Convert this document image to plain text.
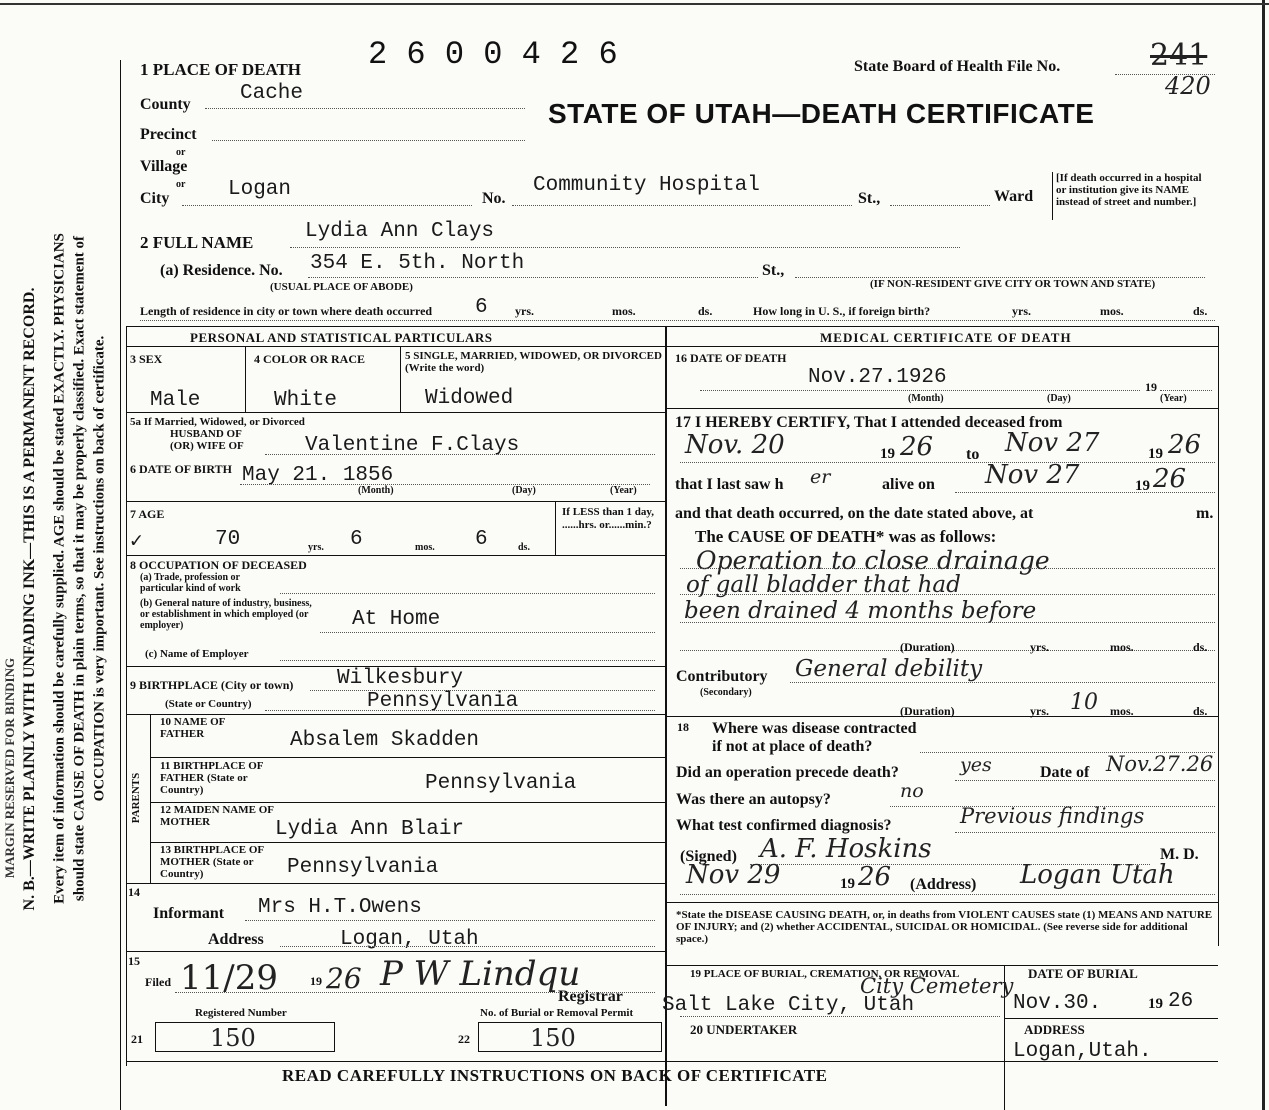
MARGIN RESERVED FOR BINDING N. B.—WRITE PLAINLY WITH UNFADING INK—THIS IS A PERMANENT RECORD. Every item of information should be carefully supplied. AGE should be stated EXACTLY. PHYSICIANS should state CAUSE OF DEATH in plain terms, so that it may be properly classified. Exact statement of OCCUPATION is very important. See instructions on back of certificate.
1 PLACE OF DEATH 2 6 0 0 4 2 6	State Board of Health File No.	241
420
STATE OF UTAH—DEATH CERTIFICATE
County Cache
Precinct
or
Village
or
City	Logan	No.
Community Hospital
St.,	Ward
[If death occurred in a hospital or institution give its NAME instead of street and number.]
2 FULL NAME Lydia Ann Clays
(a) Residence. No. 354 E. 5th. North	St.,
(USUAL PLACE OF ABODE)	(IF NON-RESIDENT GIVE CITY OR TOWN AND STATE)
Length of residence in city or town where death occurred 6 yrs.	mos.	ds.	How long in U. S., if foreign birth?	yrs.	mos.	ds.
PERSONAL AND STATISTICAL PARTICULARS
3 SEX
Male
4 COLOR OR RACE
White
5 SINGLE, MARRIED, WIDOWED, OR DIVORCED (Write the word)
Widowed
5a If Married, Widowed, or Divorced
HUSBAND OF
(OR) WIFE OF	Valentine F.Clays
6 DATE OF BIRTH May 21. 1856
(Month)	(Day)	(Year)
7 AGE
✓	70	yrs. 6	mos. 6	ds.
If LESS than 1 day, ......hrs. or......min.?
8 OCCUPATION OF DECEASED
(a) Trade, profession or particular kind of work
(b) General nature of industry, business, or establishment in which employed (or employer)	At Home
(c) Name of Employer
9 BIRTHPLACE (City or town) Wilkesbury
(State or Country)	Pennsylvania
PARENTS
10 NAME OF FATHER	Absalem Skadden
11 BIRTHPLACE OF FATHER (State or Country)	Pennsylvania
12 MAIDEN NAME OF MOTHER	Lydia Ann Blair
13 BIRTHPLACE OF MOTHER (State or Country)	Pennsylvania
14
Informant Mrs H.T.Owens
Address	Logan, Utah
15
Filed 11/29	19 26 P W Lindqu
Registrar
Registered Number	No. of Burial or Removal Permit
21	150	22	150
READ CAREFULLY INSTRUCTIONS ON BACK OF CERTIFICATE
MEDICAL CERTIFICATE OF DEATH
16 DATE OF DEATH
Nov.27.1926	19
(Month)	(Day)	(Year)
17 I HEREBY CERTIFY, That I attended deceased from
Nov. 20	19 26 to Nov 27	19 26
that I last saw h er	alive on Nov 27	19 26
and that death occurred, on the date stated above, at	m.
The CAUSE OF DEATH* was as follows:
Operation to close drainage
of gall bladder that had
been drained 4 months before
(Duration)	yrs.	mos.	ds.
Contributory
(Secondary)
General debility
(Duration)	yrs. 10 mos.	ds.
18 Where was disease contracted
if not at place of death?
Did an operation precede death?	yes	Date of Nov.27.26
Was there an autopsy?	no
What test confirmed diagnosis?	Previous findings
(Signed) A. F. Hoskins	M. D.
Nov 29	19 26 (Address) Logan Utah
*State the DISEASE CAUSING DEATH, or, in deaths from VIOLENT CAUSES state (1) MEANS AND NATURE OF INJURY; and (2) whether ACCIDENTAL, SUICIDAL OR HOMICIDAL. (See reverse side for additional space.)
19 PLACE OF BURIAL, CREMATION, OR REMOVAL
City Cemetery
Salt Lake City, Utah
DATE OF BURIAL
Nov.30.	19 26
20 UNDERTAKER	ADDRESS
Logan,Utah.
